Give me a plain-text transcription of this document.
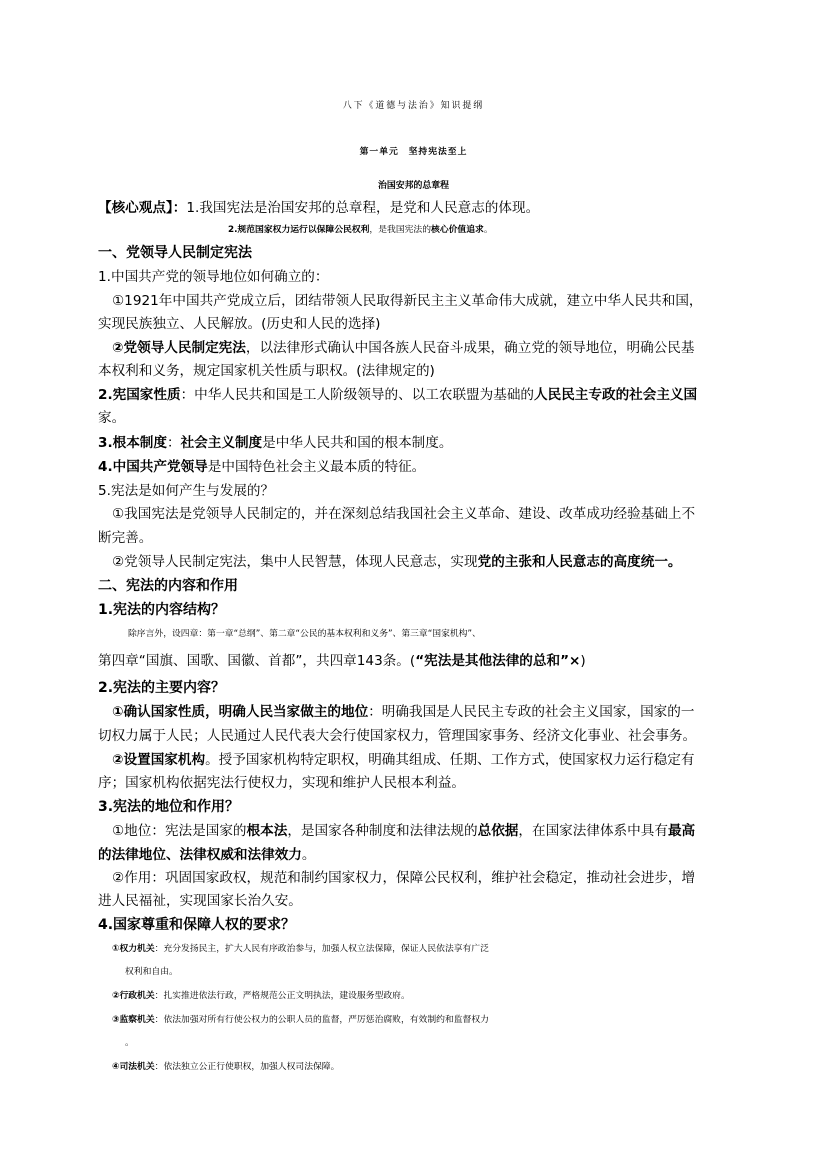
八下《道德与法治》知识提纲
第一单元　坚持宪法至上
治国安邦的总章程
【核心观点】：1.我国宪法是治国安邦的总章程，是党和人民意志的体现。
2.规范国家权力运行以保障公民权利，是我国宪法的核心价值追求。
一、党领导人民制定宪法
1.中国共产党的领导地位如何确立的：
①1921年中国共产党成立后，团结带领人民取得新民主主义革命伟大成就，建立中华人民共和国，
实现民族独立、人民解放。(历史和人民的选择)
②党领导人民制定宪法，以法律形式确认中国各族人民奋斗成果，确立党的领导地位，明确公民基
本权利和义务，规定国家机关性质与职权。(法律规定的)
2.宪国家性质：中华人民共和国是工人阶级领导的、以工农联盟为基础的人民民主专政的社会主义国
家。
3.根本制度：社会主义制度是中华人民共和国的根本制度。
4.中国共产党领导是中国特色社会主义最本质的特征。
5.宪法是如何产生与发展的？
①我国宪法是党领导人民制定的，并在深刻总结我国社会主义革命、建设、改革成功经验基础上不
断完善。
②党领导人民制定宪法，集中人民智慧，体现人民意志，实现党的主张和人民意志的高度统一。
二、宪法的内容和作用
1.宪法的内容结构？
除序言外，设四章：第一章“总纲”、第二章“公民的基本权利和义务”、第三章“国家机构”、
第四章“国旗、国歌、国徽、首都”，共四章143条。(“宪法是其他法律的总和”×)
2.宪法的主要内容？
①确认国家性质，明确人民当家做主的地位：明确我国是人民民主专政的社会主义国家，国家的一
切权力属于人民；人民通过人民代表大会行使国家权力，管理国家事务、经济文化事业、社会事务。
②设置国家机构。授予国家机构特定职权，明确其组成、任期、工作方式，使国家权力运行稳定有
序；国家机构依据宪法行使权力，实现和维护人民根本利益。
3.宪法的地位和作用？
①地位：宪法是国家的根本法，是国家各种制度和法律法规的总依据，在国家法律体系中具有最高
的法律地位、法律权威和法律效力。
②作用：巩固国家政权，规范和制约国家权力，保障公民权利，维护社会稳定，推动社会进步，增
进人民福祉，实现国家长治久安。
4.国家尊重和保障人权的要求？
①权力机关：充分发扬民主，扩大人民有序政治参与，加强人权立法保障，保证人民依法享有广泛
权利和自由。
②行政机关：扎实推进依法行政，严格规范公正文明执法，建设服务型政府。
③监察机关：依法加强对所有行使公权力的公职人员的监督，严厉惩治腐败，有效制约和监督权力
。
④司法机关：依法独立公正行使职权，加强人权司法保障。
